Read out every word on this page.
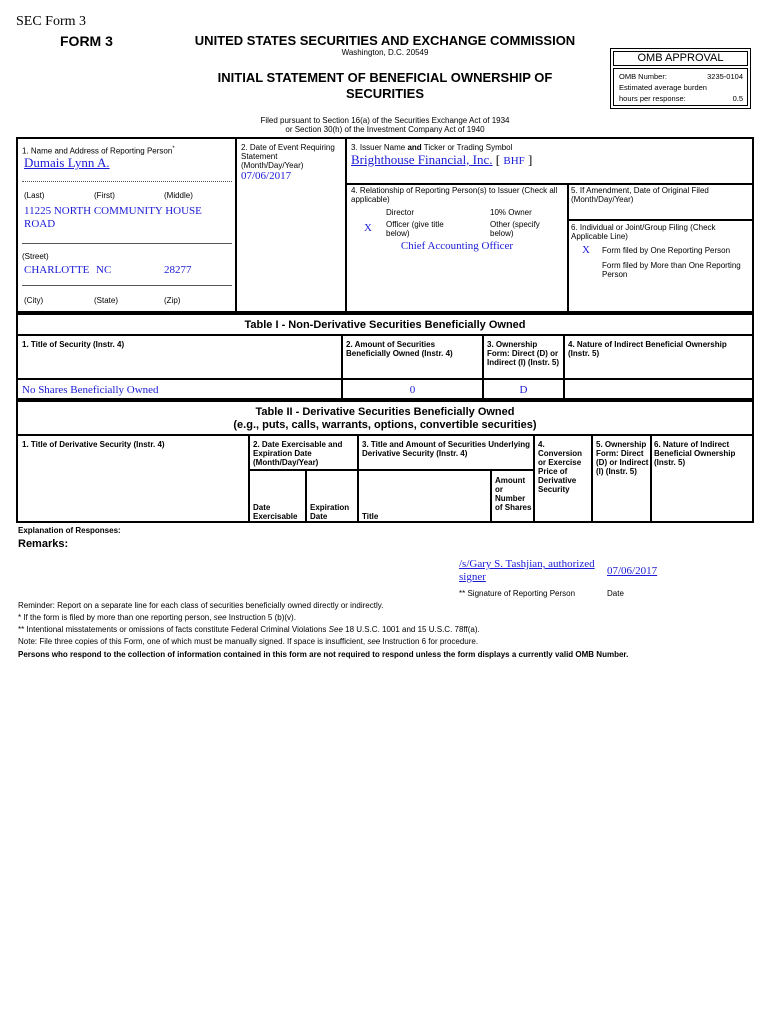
SEC Form 3
FORM 3	UNITED STATES SECURITIES AND EXCHANGE COMMISSION
Washington, D.C. 20549
INITIAL STATEMENT OF BENEFICIAL OWNERSHIP OF SECURITIES
Filed pursuant to Section 16(a) of the Securities Exchange Act of 1934
or Section 30(h) of the Investment Company Act of 1940
OMB APPROVAL
OMB Number:	3235-0104
Estimated average burden
hours per response:	0.5
1. Name and Address of Reporting Person*
Dumais Lynn A.
(Last)	(First)	(Middle)
11225 NORTH COMMUNITY HOUSE ROAD
(Street)
CHARLOTTE NC	28277
(City)	(State)	(Zip)
2. Date of Event Requiring Statement (Month/Day/Year)
07/06/2017
3. Issuer Name and Ticker or Trading Symbol
Brighthouse Financial, Inc. [ BHF ]
4. Relationship of Reporting Person(s) to Issuer (Check all applicable)
Director	10% Owner
X Officer (give title below)
Other (specify below)
Chief Accounting Officer
5. If Amendment, Date of Original Filed (Month/Day/Year)
6. Individual or Joint/Group Filing (Check Applicable Line)
X Form filed by One Reporting Person
Form filed by More than One Reporting Person
Table I - Non-Derivative Securities Beneficially Owned
1. Title of Security (Instr. 4)	2. Amount of Securities Beneficially Owned (Instr. 4)
3. Ownership Form: Direct (D) or Indirect (I) (Instr. 5)
4. Nature of Indirect Beneficial Ownership (Instr. 5)
No Shares Beneficially Owned	0	D
Table II - Derivative Securities Beneficially Owned
(e.g., puts, calls, warrants, options, convertible securities)
1. Title of Derivative Security (Instr. 4)	2. Date Exercisable and Expiration Date (Month/Day/Year)
3. Title and Amount of Securities Underlying Derivative Security (Instr. 4)
4. Conversion or Exercise Price of Derivative Security
5. Ownership Form: Direct (D) or Indirect (I) (Instr. 5)
6. Nature of Indirect Beneficial Ownership (Instr. 5)
Date Exercisable
Expiration Date	Title
Amount or Number of Shares
Explanation of Responses:
Remarks:
/s/Gary S. Tashjian, authorized signer	07/06/2017
** Signature of Reporting Person	Date
Reminder: Report on a separate line for each class of securities beneficially owned directly or indirectly.
* If the form is filed by more than one reporting person, see Instruction 5 (b)(v).
** Intentional misstatements or omissions of facts constitute Federal Criminal Violations See 18 U.S.C. 1001 and 15 U.S.C. 78ff(a).
Note: File three copies of this Form, one of which must be manually signed. If space is insufficient, see Instruction 6 for procedure.
Persons who respond to the collection of information contained in this form are not required to respond unless the form displays a currently valid OMB Number.
